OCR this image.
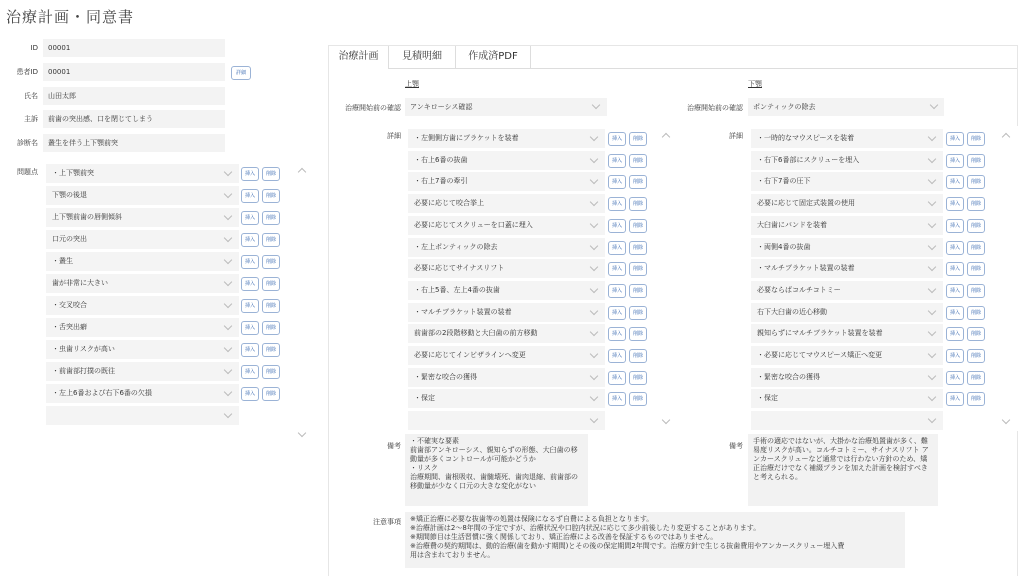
治療計画・同意書
ID	00001
患者ID	00001	詳細
氏名	山田太郎
主訴	前歯の突出感、口を閉じてしまう
診断名	叢生を伴う上下顎前突
問題点 ・上下顎前突	挿入	削除
下顎の後退	挿入	削除
上下顎前歯の唇側傾斜	挿入	削除
口元の突出	挿入	削除
・叢生	挿入	削除
歯が非常に大きい	挿入	削除
・交叉咬合	挿入	削除
・舌突出癖	挿入	削除
・虫歯リスクが高い	挿入	削除
・前歯部打撲の既往	挿入	削除
・左上6番および右下6番の欠損	挿入	削除
治療計画	見積明細	作成済PDF
上顎
治療開始前の確認	アンキローシス確認
詳細 ・左側側方歯にブラケットを装着	挿入	削除
・右上6番の抜歯	挿入	削除
・右上7番の牽引	挿入	削除
必要に応じて咬合挙上	挿入	削除
必要に応じてスクリューを口蓋に埋入	挿入	削除
・左上ポンティックの除去	挿入	削除
必要に応じてサイナスリフト	挿入	削除
・右上5番、左上4番の抜歯	挿入	削除
・マルチブラケット装置の装着	挿入	削除
前歯部の2段階移動と大臼歯の前方移動	挿入	削除
必要に応じてインビザラインへ変更	挿入	削除
・緊密な咬合の獲得	挿入	削除
・保定	挿入	削除
備考
・不確実な要素
前歯部アンキローシス、親知らずの形態、大臼歯の移動量が多くコントロールが可能かどうか
・リスク
治療期間、歯根吸収、歯髄壊死、歯肉退縮、前歯部の移動量が少なく口元の大きな変化がない
下顎
治療開始前の確認	ポンティックの除去
詳細 ・一時的なマウスピースを装着	挿入	削除
・右下6番部にスクリューを埋入	挿入	削除
・右下7番の圧下	挿入	削除
必要に応じて固定式装置の使用	挿入	削除
大臼歯にバンドを装着	挿入	削除
・両側4番の抜歯	挿入	削除
・マルチブラケット装置の装着	挿入	削除
必要ならばコルチコトミー	挿入	削除
右下大臼歯の近心移動	挿入	削除
親知らずにマルチブラケット装置を装着	挿入	削除
・必要に応じてマウスピース矯正へ変更	挿入	削除
・緊密な咬合の獲得	挿入	削除
・保定	挿入	削除
備考
手術の適応ではないが、大掛かな治療処置歯が多く、難易度リスクが高い。コルチコトミー、サイナスリフト アンカースクリューなど通常では行わない方針のため、矯正治療だけでなく補綴プランを加えた計画を検討すべきと考えられる。
注意事項 ※矯正治療に必要な抜歯等の処置は保険になるず自費による負担となります。
※治療計画は2〜8年間の予定ですが、治療状況や口腔内状況に応じて多少前後したり変更することがあります。
※期間節目は生活習慣に強く関係しており、矯正治療による改善を保証するものではありません。
※治療費の契約期間は、動的治療(歯を動かす期間)とその後の保定期間2年間です。治療方針で生じる抜歯費用やアンカースクリュー埋入費
用は含まれておりません。
